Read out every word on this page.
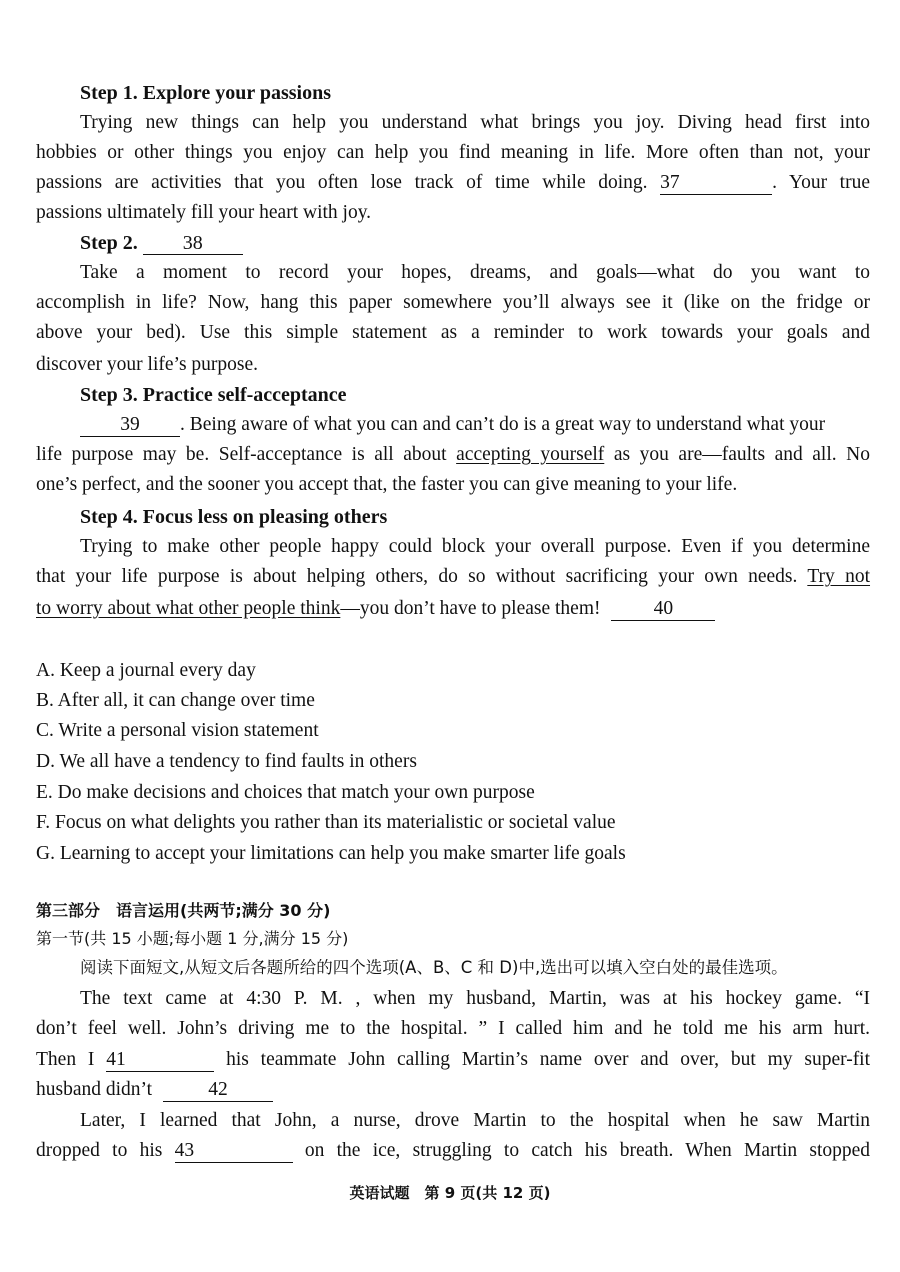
Step 1. Explore your passions
Trying new things can help you understand what brings you joy. Diving head first into
hobbies or other things you enjoy can help you find meaning in life. More often than not, your
passions are activities that you often lose track of time while doing. 37	. Your true
passions ultimately fill your heart with joy.
Step 2. 38
Take a moment to record your hopes, dreams, and goals—what do you want to
accomplish in life? Now, hang this paper somewhere you’ll always see it (like on the fridge or
above your bed). Use this simple statement as a reminder to work towards your goals and
discover your life’s purpose.
Step 3. Practice self-acceptance
39 . Being aware of what you can and can’t do is a great way to understand what your
life purpose may be. Self-acceptance is all about accepting yourself as you are—faults and all. No
one’s perfect, and the sooner you accept that, the faster you can give meaning to your life.
Step 4. Focus less on pleasing others
Trying to make other people happy could block your overall purpose. Even if you determine
that your life purpose is about helping others, do so without sacrificing your own needs. Try not
to worry about what other people think—you don’t have to please them!	40
A. Keep a journal every day
B. After all, it can change over time
C. Write a personal vision statement
D. We all have a tendency to find faults in others
E. Do make decisions and choices that match your own purpose
F. Focus on what delights you rather than its materialistic or societal value
G. Learning to accept your limitations can help you make smarter life goals
第三部分　语言运用(共两节;满分 30 分)
第一节(共 15 小题;每小题 1 分,满分 15 分)
阅读下面短文,从短文后各题所给的四个选项(A、B、C 和 D)中,选出可以填入空白处的最佳选项。
The text came at 4:30 P. M. , when my husband, Martin, was at his hockey game. “I
don’t feel well. John’s driving me to the hospital. ” I called him and he told me his arm hurt.
Then I 41	his teammate John calling Martin’s name over and over, but my super-fit
husband didn’t	42
Later, I learned that John, a nurse, drove Martin to the hospital when he saw Martin
dropped to his 43	on the ice, struggling to catch his breath. When Martin stopped
英语试题　第 9 页(共 12 页)
